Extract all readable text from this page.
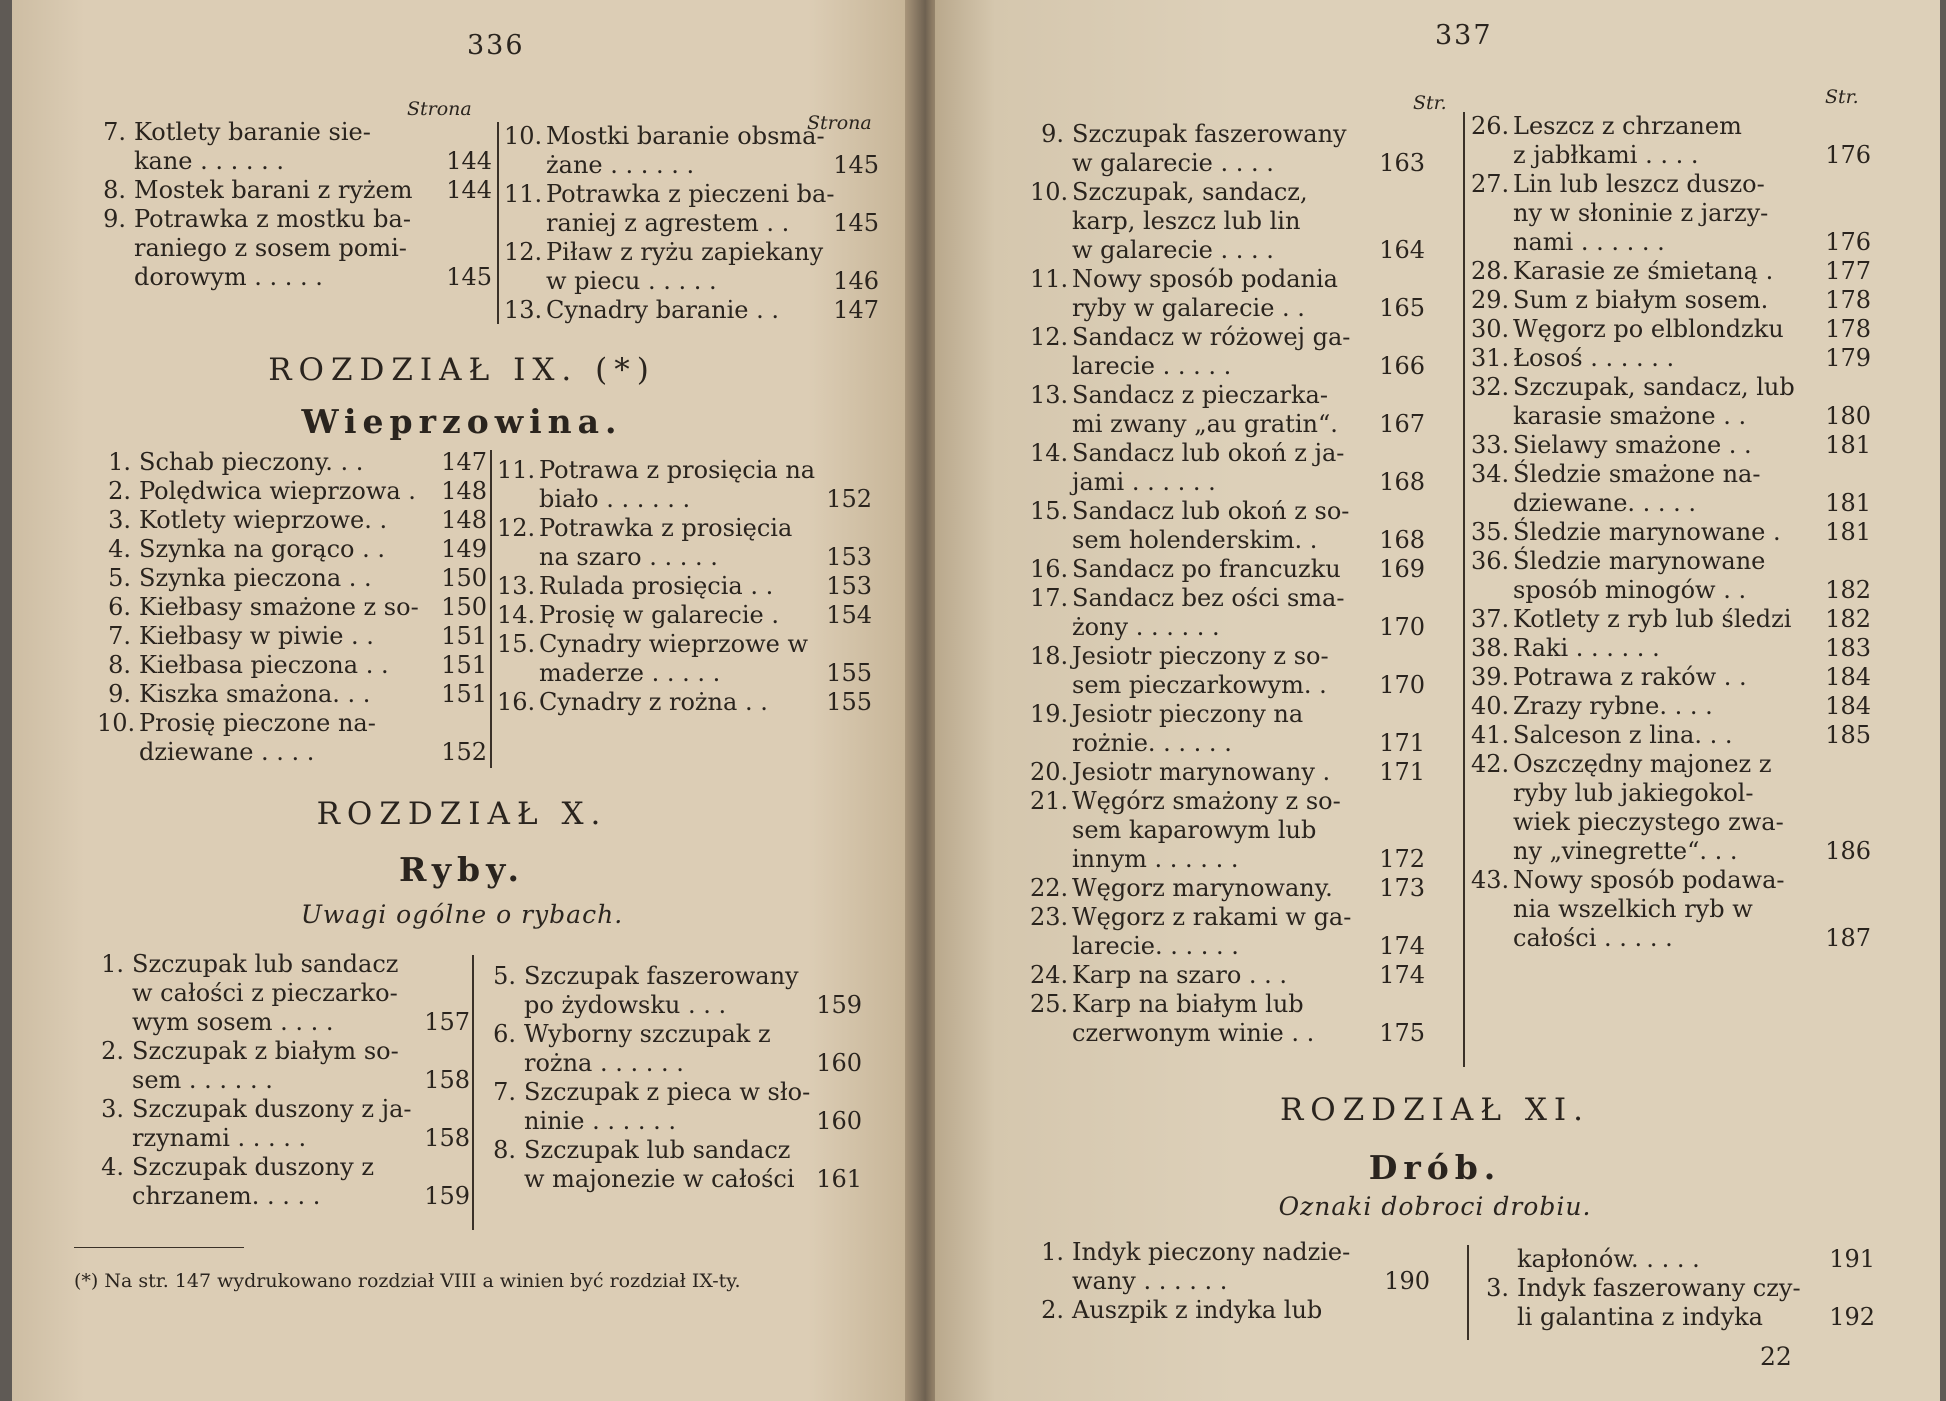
336
Strona
Strona
7. Kotlety baranie sie-
kane . . . . . .	144
8. Mostek barani z ryżem	144
9. Potrawka z mostku ba-
raniego z sosem pomi-
dorowym . . . . .	145
10. Mostki baranie obsma-
żane . . . . . .	145
11. Potrawka z pieczeni ba-
raniej z agrestem . .	145
12. Piław z ryżu zapiekany
w piecu . . . . .	146
13. Cynadry baranie . .	147
ROZDZIAŁ IX. (*)
Wieprzowina.
1. Schab pieczony. . .	147
2. Polędwica wieprzowa .	148
3. Kotlety wieprzowe. .	148
4. Szynka na gorąco . .	149
5. Szynka pieczona . .	150
6. Kiełbasy smażone z so- 150
7. Kiełbasy w piwie . .	151
8. Kiełbasa pieczona . .	151
9. Kiszka smażona. . .	151
10. Prosię pieczone na-
dziewane . . . .	152
11. Potrawa z prosięcia na
biało . . . . . .	152
12. Potrawka z prosięcia
na szaro . . . . .	153
13. Rulada prosięcia . .	153
14. Prosię w galarecie .	154
15. Cynadry wieprzowe w
maderze . . . . .	155
16. Cynadry z rożna . .	155
ROZDZIAŁ X.
Ryby.
Uwagi ogólne o rybach.
1. Szczupak lub sandacz
w całości z pieczarko-
wym sosem . . . .	157
2. Szczupak z białym so-
sem . . . . . .	158
3. Szczupak duszony z ja-
rzynami . . . . .	158
4. Szczupak duszony z
chrzanem. . . . .	159
5. Szczupak faszerowany
po żydowsku . . .	159
6. Wyborny szczupak z
rożna . . . . . .	160
7. Szczupak z pieca w sło-
ninie . . . . . .	160
8. Szczupak lub sandacz
w majonezie w całości 161
(*) Na str. 147 wydrukowano rozdział VIII a winien być rozdział IX-ty.
337
Str.	Str.
9. Szczupak faszerowany
w galarecie . . . .	163
10. Szczupak, sandacz,
karp, leszcz lub lin
w galarecie . . . .	164
11. Nowy sposób podania
ryby w galarecie . .	165
12. Sandacz w różowej ga-
larecie . . . . .	166
13. Sandacz z pieczarka-
mi zwany „au gratin“.	167
14. Sandacz lub okoń z ja-
jami . . . . . .	168
15. Sandacz lub okoń z so-
sem holenderskim. .	168
16. Sandacz po francuzku	169
17. Sandacz bez ości sma-
żony . . . . . .	170
18. Jesiotr pieczony z so-
sem pieczarkowym. .	170
19. Jesiotr pieczony na
rożnie. . . . . .	171
20. Jesiotr marynowany .	171
21. Węgórz smażony z so-
sem kaparowym lub
innym . . . . . .	172
22. Węgorz marynowany.	173
23. Węgorz z rakami w ga-
larecie. . . . . .	174
24. Karp na szaro . . .	174
25. Karp na białym lub
czerwonym winie . .	175
26. Leszcz z chrzanem
z jabłkami . . . .	176
27. Lin lub leszcz duszo-
ny w słoninie z jarzy-
nami . . . . . .	176
28. Karasie ze śmietaną .	177
29. Sum z białym sosem.	178
30. Węgorz po elblondzku	178
31. Łosoś . . . . . .	179
32. Szczupak, sandacz, lub
karasie smażone . .	180
33. Sielawy smażone . .	181
34. Śledzie smażone na-
dziewane. . . . .	181
35. Śledzie marynowane .	181
36. Śledzie marynowane
sposób minogów . .	182
37. Kotlety z ryb lub śledzi	182
38. Raki . . . . . .	183
39. Potrawa z raków . .	184
40. Zrazy rybne. . . .	184
41. Salceson z lina. . .	185
42. Oszczędny majonez z
ryby lub jakiegokol-
wiek pieczystego zwa-
ny „vinegrette“. . .	186
43. Nowy sposób podawa-
nia wszelkich ryb w
całości . . . . .	187
ROZDZIAŁ XI.
Drób.
Oznaki dobroci drobiu.
1. Indyk pieczony nadzie-
wany . . . . . .	190
2. Auszpik z indyka lub
kapłonów. . . . .	191
3. Indyk faszerowany czy-
li galantina z indyka	192
22
